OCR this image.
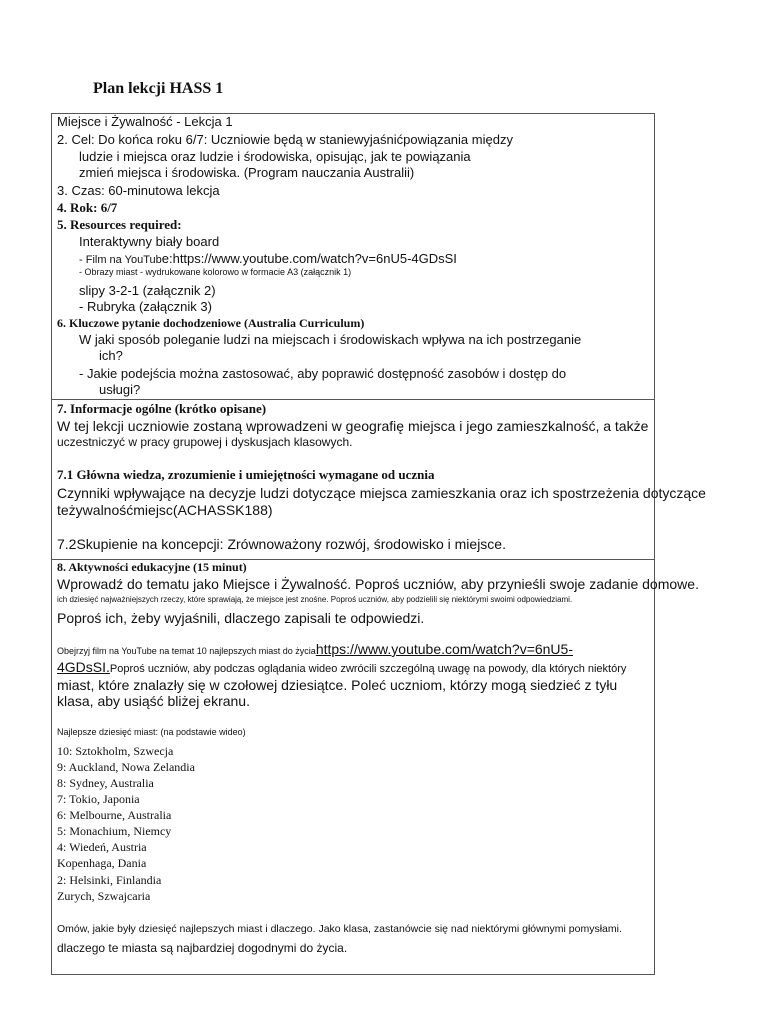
Plan lekcji HASS 1
Miejsce i Żywalność - Lekcja 1
2. Cel: Do końca roku 6/7: Uczniowie będą w staniewyjaśnićpowiązania między
ludzie i miejsca oraz ludzie i środowiska, opisując, jak te powiązania
zmień miejsca i środowiska. (Program nauczania Australii)
3. Czas: 60-minutowa lekcja
4. Rok: 6/7
5. Resources required:
Interaktywny biały board
- Film na YouTube:https://www.youtube.com/watch?v=6nU5-4GDsSI
- Obrazy miast - wydrukowane kolorowo w formacie A3 (załącznik 1)
slipy 3-2-1 (załącznik 2)
- Rubryka (załącznik 3)
6. Kluczowe pytanie dochodzeniowe (Australia Curriculum)
W jaki sposób poleganie ludzi na miejscach i środowiskach wpływa na ich postrzeganie
ich?
- Jakie podejścia można zastosować, aby poprawić dostępność zasobów i dostęp do
usługi?
7. Informacje ogólne (krótko opisane)
W tej lekcji uczniowie zostaną wprowadzeni w geografię miejsca i jego zamieszkalność, a także
uczestniczyć w pracy grupowej i dyskusjach klasowych.
7.1 Główna wiedza, zrozumienie i umiejętności wymagane od ucznia
Czynniki wpływające na decyzje ludzi dotyczące miejsca zamieszkania oraz ich spostrzeżenia dotyczące
teżywalnośćmiejsc(ACHASSK188)
7.2Skupienie na koncepcji: Zrównoważony rozwój, środowisko i miejsce.
8. Aktywności edukacyjne (15 minut)
Wprowadź do tematu jako Miejsce i Żywalność. Poproś uczniów, aby przynieśli swoje zadanie domowe.
ich dziesięć najważniejszych rzeczy, które sprawiają, że miejsce jest znośne. Poproś uczniów, aby podzielili się niektórymi swoimi odpowiedziami.
Poproś ich, żeby wyjaśnili, dlaczego zapisali te odpowiedzi.
Obejrzyj film na YouTube na temat 10 najlepszych miast do życiahttps://www.youtube.com/watch?v=6nU5-
4GDsSI.Poproś uczniów, aby podczas oglądania wideo zwrócili szczególną uwagę na powody, dla których niektóry
miast, które znalazły się w czołowej dziesiątce. Poleć uczniom, którzy mogą siedzieć z tyłu
klasa, aby usiąść bliżej ekranu.
Najlepsze dziesięć miast: (na podstawie wideo)
10: Sztokholm, Szwecja
9: Auckland, Nowa Zelandia
8: Sydney, Australia
7: Tokio, Japonia
6: Melbourne, Australia
5: Monachium, Niemcy
4: Wiedeń, Austria
Kopenhaga, Dania
2: Helsinki, Finlandia
Zurych, Szwajcaria
Omów, jakie były dziesięć najlepszych miast i dlaczego. Jako klasa, zastanówcie się nad niektórymi głównymi pomysłami.
dlaczego te miasta są najbardziej dogodnymi do życia.
